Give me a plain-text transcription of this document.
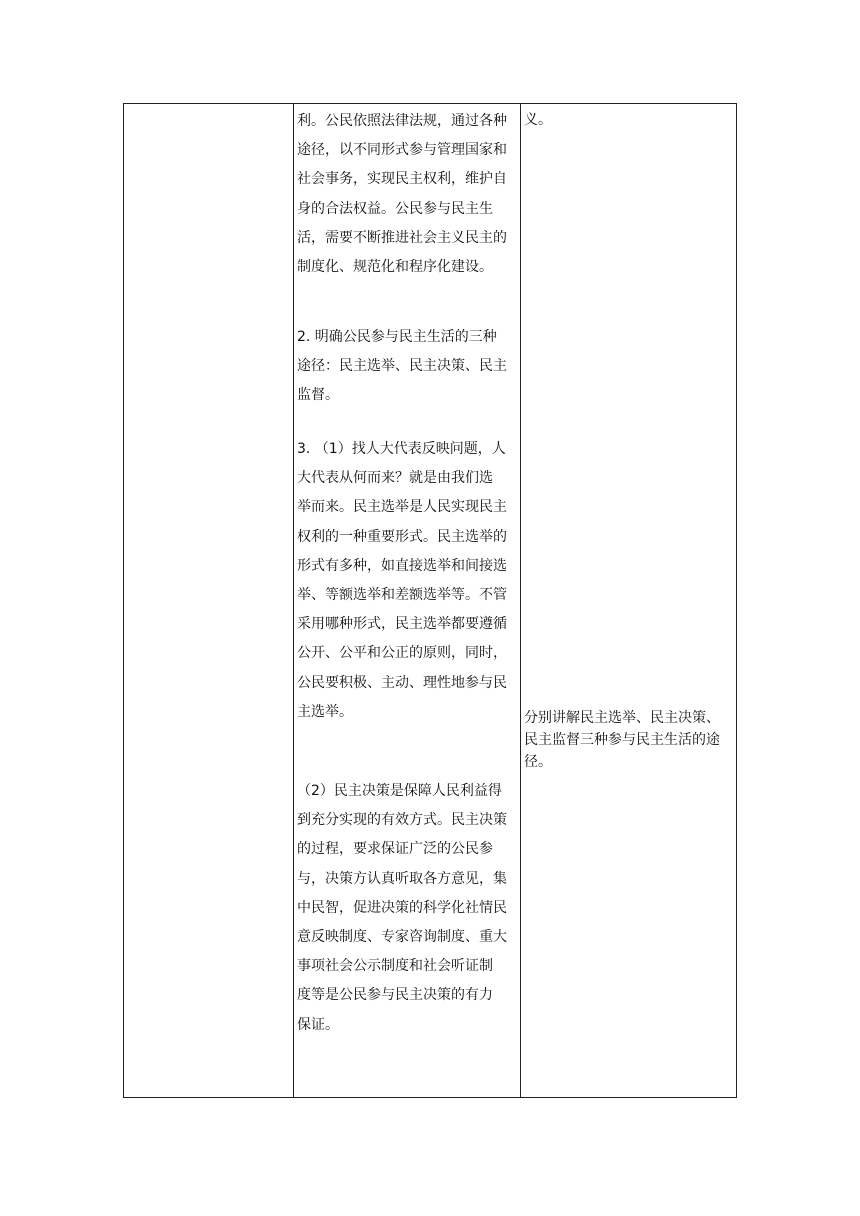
利。公民依照法律法规，通过各种
途径，以不同形式参与管理国家和
社会事务，实现民主权利，维护自
身的合法权益。公民参与民主生
活，需要不断推进社会主义民主的
制度化、规范化和程序化建设。
2. 明确公民参与民主生活的三种
途径：民主选举、民主决策、民主
监督。
3. （1）找人大代表反映问题，人
大代表从何而来？就是由我们选
举而来。民主选举是人民实现民主
权利的一种重要形式。民主选举的
形式有多种，如直接选举和间接选
举、等额选举和差额选举等。不管
采用哪种形式，民主选举都要遵循
公开、公平和公正的原则，同时，
公民要积极、主动、理性地参与民
主选举。
（2）民主决策是保障人民利益得
到充分实现的有效方式。民主决策
的过程，要求保证广泛的公民参
与，决策方认真听取各方意见，集
中民智，促进决策的科学化社情民
意反映制度、专家咨询制度、重大
事项社会公示制度和社会听证制
度等是公民参与民主决策的有力
保证。
义。
分别讲解民主选举、民主决策、
民主监督三种参与民主生活的途
径。
